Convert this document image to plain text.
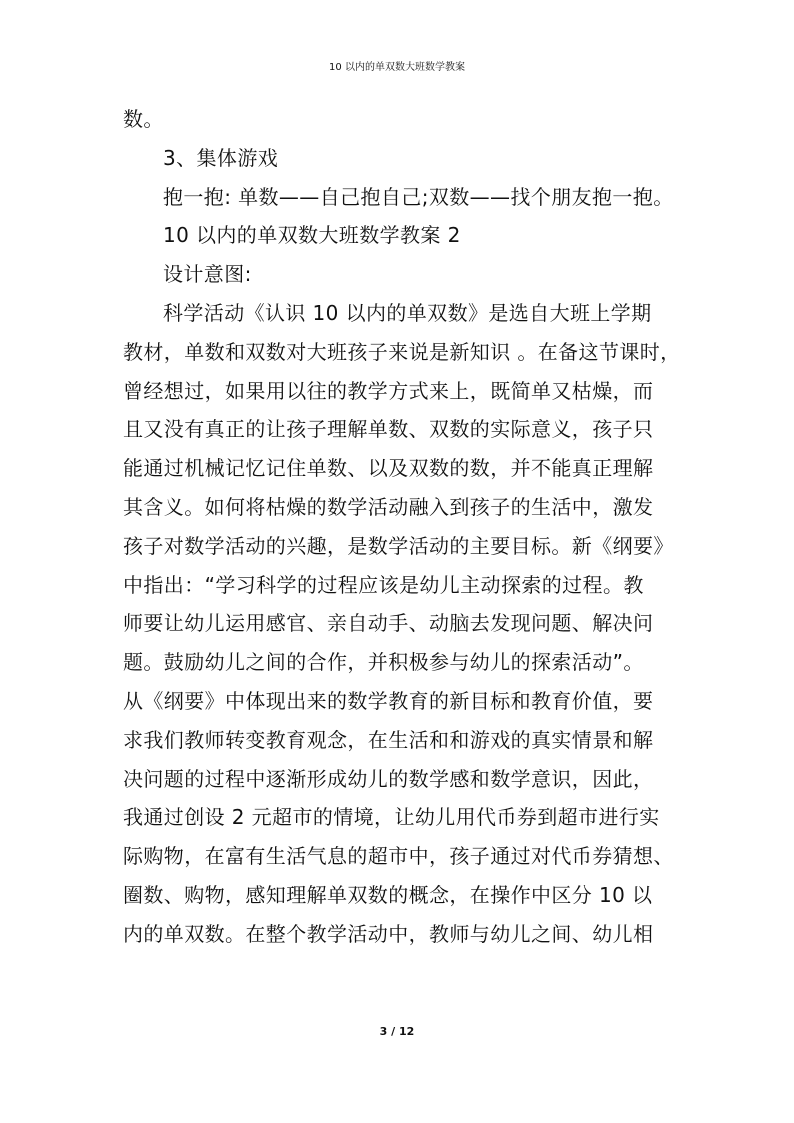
10 以内的单双数大班数学教案
数。
3、集体游戏
抱一抱: 单数——自己抱自己;双数——找个朋友抱一抱。
10 以内的单双数大班数学教案 2
设计意图:
科学活动《认识 10 以内的单双数》是选自大班上学期
教材，单数和双数对大班孩子来说是新知识 。在备这节课时，
曾经想过，如果用以往的教学方式来上，既简单又枯燥，而
且又没有真正的让孩子理解单数、双数的实际意义，孩子只
能通过机械记忆记住单数、以及双数的数，并不能真正理解
其含义。如何将枯燥的数学活动融入到孩子的生活中，激发
孩子对数学活动的兴趣，是数学活动的主要目标。新《纲要》
中指出：“学习科学的过程应该是幼儿主动探索的过程。教
师要让幼儿运用感官、亲自动手、动脑去发现问题、解决问
题。鼓励幼儿之间的合作，并积极参与幼儿的探索活动”。
从《纲要》中体现出来的数学教育的新目标和教育价值，要
求我们教师转变教育观念，在生活和和游戏的真实情景和解
决问题的过程中逐渐形成幼儿的数学感和数学意识，因此，
我通过创设 2 元超市的情境，让幼儿用代币券到超市进行实
际购物，在富有生活气息的超市中，孩子通过对代币券猜想、
圈数、购物，感知理解单双数的概念，在操作中区分 10 以
内的单双数。在整个教学活动中，教师与幼儿之间、幼儿相
3 / 12
